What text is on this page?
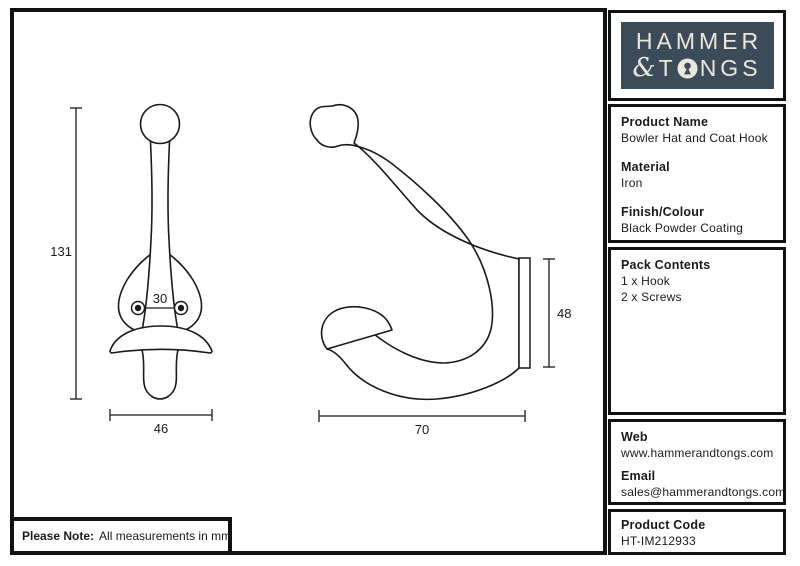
131
30
46
48
70
Please Note: All measurements in mm
HAMMER
& T NGS
Product Name
Bowler Hat and Coat Hook
Material
Iron
Finish/Colour
Black Powder Coating
Pack Contents
1 x Hook
2 x Screws
Web
www.hammerandtongs.com
Email
sales@hammerandtongs.com
Product Code
HT-IM212933
